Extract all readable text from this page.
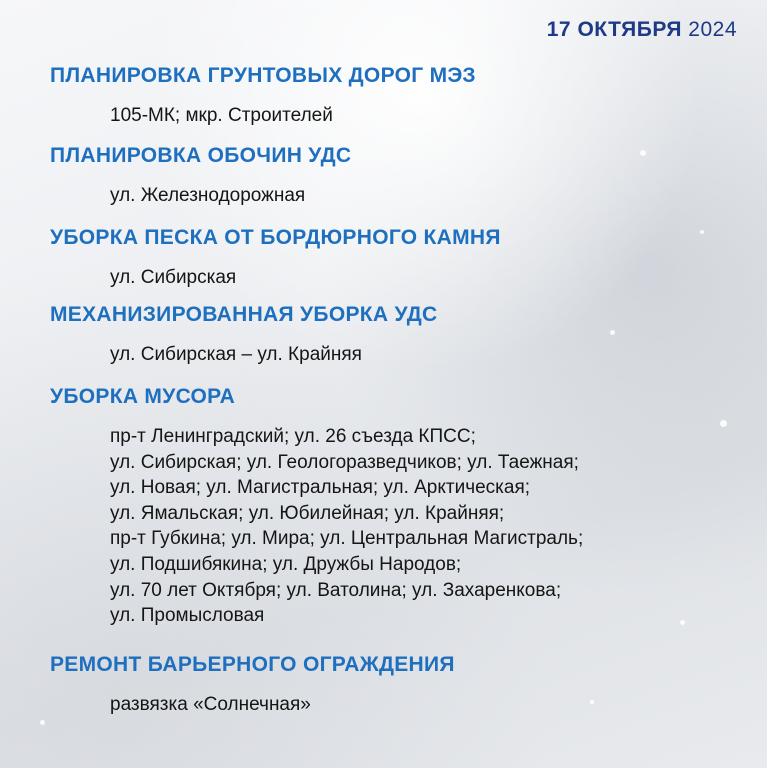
17 ОКТЯБРЯ 2024
ПЛАНИРОВКА ГРУНТОВЫХ ДОРОГ МЭЗ
105-МК; мкр. Строителей
ПЛАНИРОВКА ОБОЧИН УДС
ул. Железнодорожная
УБОРКА ПЕСКА ОТ БОРДЮРНОГО КАМНЯ
ул. Сибирская
МЕХАНИЗИРОВАННАЯ УБОРКА УДС
ул. Сибирская – ул. Крайняя
УБОРКА МУСОРА
пр-т Ленинградский; ул. 26 съезда КПСС;
ул. Сибирская; ул. Геологоразведчиков; ул. Таежная;
ул. Новая; ул. Магистральная; ул. Арктическая;
ул. Ямальская; ул. Юбилейная; ул. Крайняя;
пр-т Губкина; ул. Мира; ул. Центральная Магистраль;
ул. Подшибякина; ул. Дружбы Народов;
ул. 70 лет Октября; ул. Ватолина; ул. Захаренкова;
ул. Промысловая
РЕМОНТ БАРЬЕРНОГО ОГРАЖДЕНИЯ
развязка «Солнечная»
